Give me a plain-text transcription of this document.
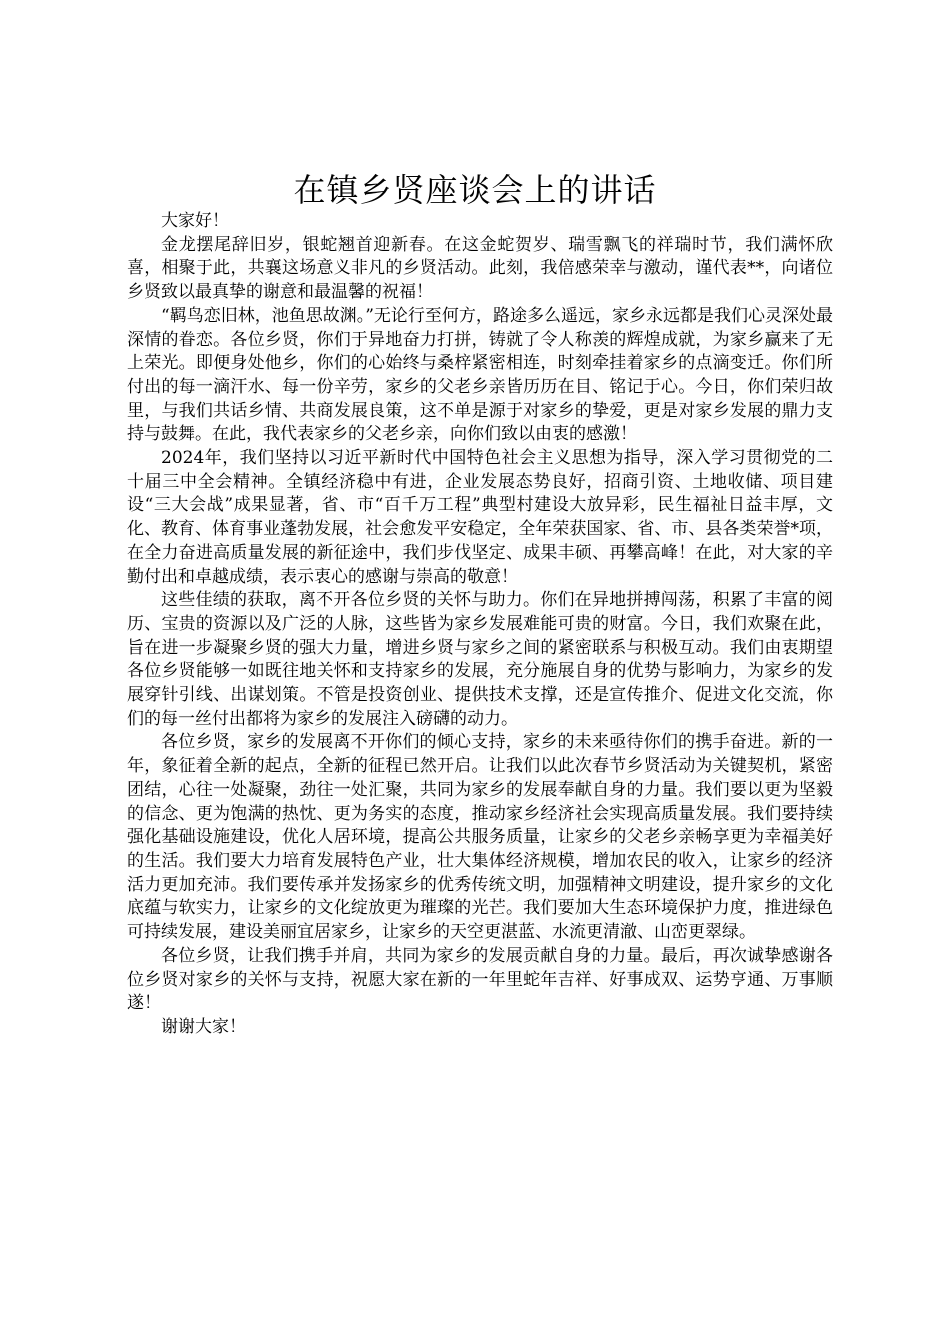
在镇乡贤座谈会上的讲话

大家好！

金龙摆尾辞旧岁，银蛇翘首迎新春。在这金蛇贺岁、瑞雪飘飞的祥瑞时节，我们满怀欣喜，相聚于此，共襄这场意义非凡的乡贤活动。此刻，我倍感荣幸与激动，谨代表**，向诸位乡贤致以最真挚的谢意和最温馨的祝福！

“羁鸟恋旧林，池鱼思故渊。”无论行至何方，路途多么遥远，家乡永远都是我们心灵深处最深情的眷恋。各位乡贤，你们于异地奋力打拼，铸就了令人称羡的辉煌成就，为家乡赢来了无上荣光。即便身处他乡，你们的心始终与桑梓紧密相连，时刻牵挂着家乡的点滴变迁。你们所付出的每一滴汗水、每一份辛劳，家乡的父老乡亲皆历历在目、铭记于心。今日，你们荣归故里，与我们共话乡情、共商发展良策，这不单是源于对家乡的挚爱，更是对家乡发展的鼎力支持与鼓舞。在此，我代表家乡的父老乡亲，向你们致以由衷的感激！

2024年，我们坚持以习近平新时代中国特色社会主义思想为指导，深入学习贯彻党的二十届三中全会精神。全镇经济稳中有进，企业发展态势良好，招商引资、土地收储、项目建设“三大会战”成果显著，省、市“百千万工程”典型村建设大放异彩，民生福祉日益丰厚，文化、教育、体育事业蓬勃发展，社会愈发平安稳定，全年荣获国家、省、市、县各类荣誉*项，在全力奋进高质量发展的新征途中，我们步伐坚定、成果丰硕、再攀高峰！在此，对大家的辛勤付出和卓越成绩，表示衷心的感谢与崇高的敬意！

这些佳绩的获取，离不开各位乡贤的关怀与助力。你们在异地拼搏闯荡，积累了丰富的阅历、宝贵的资源以及广泛的人脉，这些皆为家乡发展难能可贵的财富。今日，我们欢聚在此，旨在进一步凝聚乡贤的强大力量，增进乡贤与家乡之间的紧密联系与积极互动。我们由衷期望各位乡贤能够一如既往地关怀和支持家乡的发展，充分施展自身的优势与影响力，为家乡的发展穿针引线、出谋划策。不管是投资创业、提供技术支撑，还是宣传推介、促进文化交流，你们的每一丝付出都将为家乡的发展注入磅礴的动力。

各位乡贤，家乡的发展离不开你们的倾心支持，家乡的未来亟待你们的携手奋进。新的一年，象征着全新的起点，全新的征程已然开启。让我们以此次春节乡贤活动为关键契机，紧密团结，心往一处凝聚，劲往一处汇聚，共同为家乡的发展奉献自身的力量。我们要以更为坚毅的信念、更为饱满的热忱、更为务实的态度，推动家乡经济社会实现高质量发展。我们要持续强化基础设施建设，优化人居环境，提高公共服务质量，让家乡的父老乡亲畅享更为幸福美好的生活。我们要大力培育发展特色产业，壮大集体经济规模，增加农民的收入，让家乡的经济活力更加充沛。我们要传承并发扬家乡的优秀传统文明，加强精神文明建设，提升家乡的文化底蕴与软实力，让家乡的文化绽放更为璀璨的光芒。我们要加大生态环境保护力度，推进绿色可持续发展，建设美丽宜居家乡，让家乡的天空更湛蓝、水流更清澈、山峦更翠绿。

各位乡贤，让我们携手并肩，共同为家乡的发展贡献自身的力量。最后，再次诚挚感谢各位乡贤对家乡的关怀与支持，祝愿大家在新的一年里蛇年吉祥、好事成双、运势亨通、万事顺遂！

谢谢大家！
